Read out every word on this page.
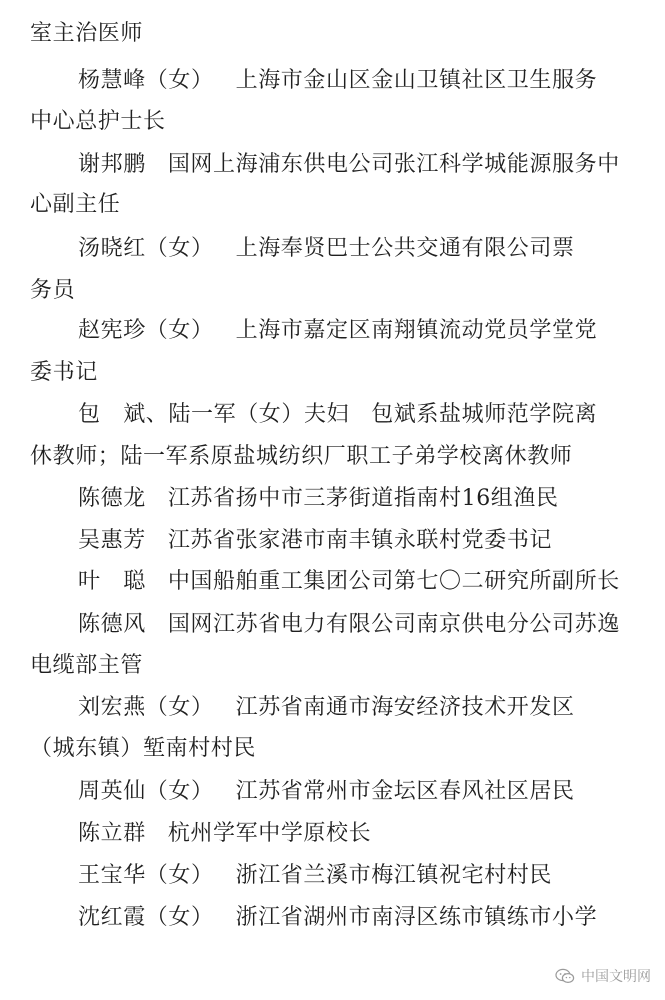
室主治医师
杨慧峰（女） 上海市金山区金山卫镇社区卫生服务
中心总护士长
谢邦鹏 国网上海浦东供电公司张江科学城能源服务中
心副主任
汤晓红（女） 上海奉贤巴士公共交通有限公司票
务员
赵宪珍（女） 上海市嘉定区南翔镇流动党员学堂党
委书记
包　斌、陆一军（女）夫妇 包斌系盐城师范学院离
休教师；陆一军系原盐城纺织厂职工子弟学校离休教师
陈德龙 江苏省扬中市三茅街道指南村16组渔民
吴惠芳 江苏省张家港市南丰镇永联村党委书记
叶　聪 中国船舶重工集团公司第七〇二研究所副所长
陈德风 国网江苏省电力有限公司南京供电分公司苏逸
电缆部主管
刘宏燕（女） 江苏省南通市海安经济技术开发区
（城东镇）堑南村村民
周英仙（女） 江苏省常州市金坛区春风社区居民
陈立群 杭州学军中学原校长
王宝华（女） 浙江省兰溪市梅江镇祝宅村村民
沈红霞（女） 浙江省湖州市南浔区练市镇练市小学
中国文明网
